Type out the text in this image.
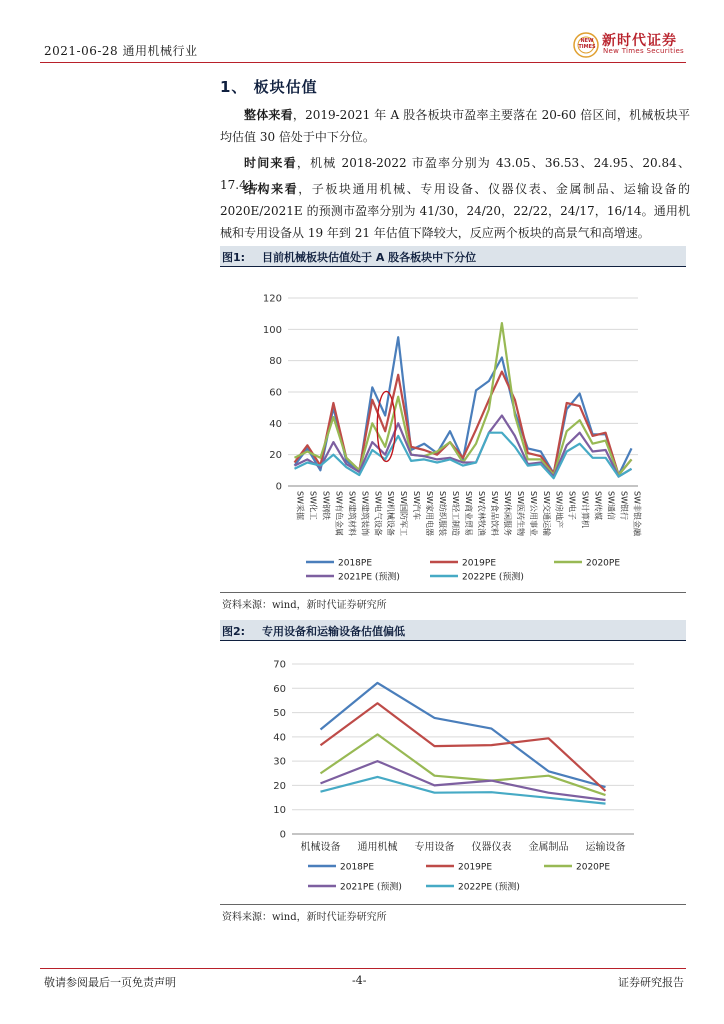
2021-06-28 通用机械行业
NEW TIMES 新时代证券
New Times Securities
1、 板块估值
整体来看，2019-2021 年 A 股各板块市盈率主要落在 20-60 倍区间，机械板块平均估值 30 倍处于中下分位。
时间来看，机械 2018-2022 市盈率分别为 43.05、36.53、24.95、20.84、17.41;
结构来看，子板块通用机械、专用设备、仪器仪表、金属制品、运输设备的 2020E/2021E 的预测市盈率分别为 41/30，24/20，22/22，24/17，16/14。通用机械和专用设备从 19 年到 21 年估值下降较大，反应两个板块的高景气和高增速。
图1: 目前机械板块估值处于 A 股各板块中下分位
0
20
40
60
80
100
120
SW采掘 SW化工 SW钢铁 SW有色金属 SW建筑材料 SW建筑装饰 SW电气设备 SW机械设备 SW国防军工 SW汽车 SW家用电器 SW纺织服装 SW轻工制造 SW商业贸易 SW农林牧渔 SW食品饮料 SW休闲服务 SW医药生物 SW公用事业 SW交通运输 SW房地产 SW电子 SW计算机 SW传媒 SW通信 SW银行 SW非银金融
2018PE	2019PE	2020PE
2021PE (预测)	2022PE (预测)
资料来源：wind，新时代证券研究所
图2: 专用设备和运输设备估值偏低
0
10
20
30
40
50
60
70
机械设备 通用机械 专用设备 仪器仪表 金属制品 运输设备
2018PE	2019PE	2020PE
2021PE (预测)	2022PE (预测)
资料来源：wind，新时代证券研究所
敬请参阅最后一页免责声明	-4-	证券研究报告
